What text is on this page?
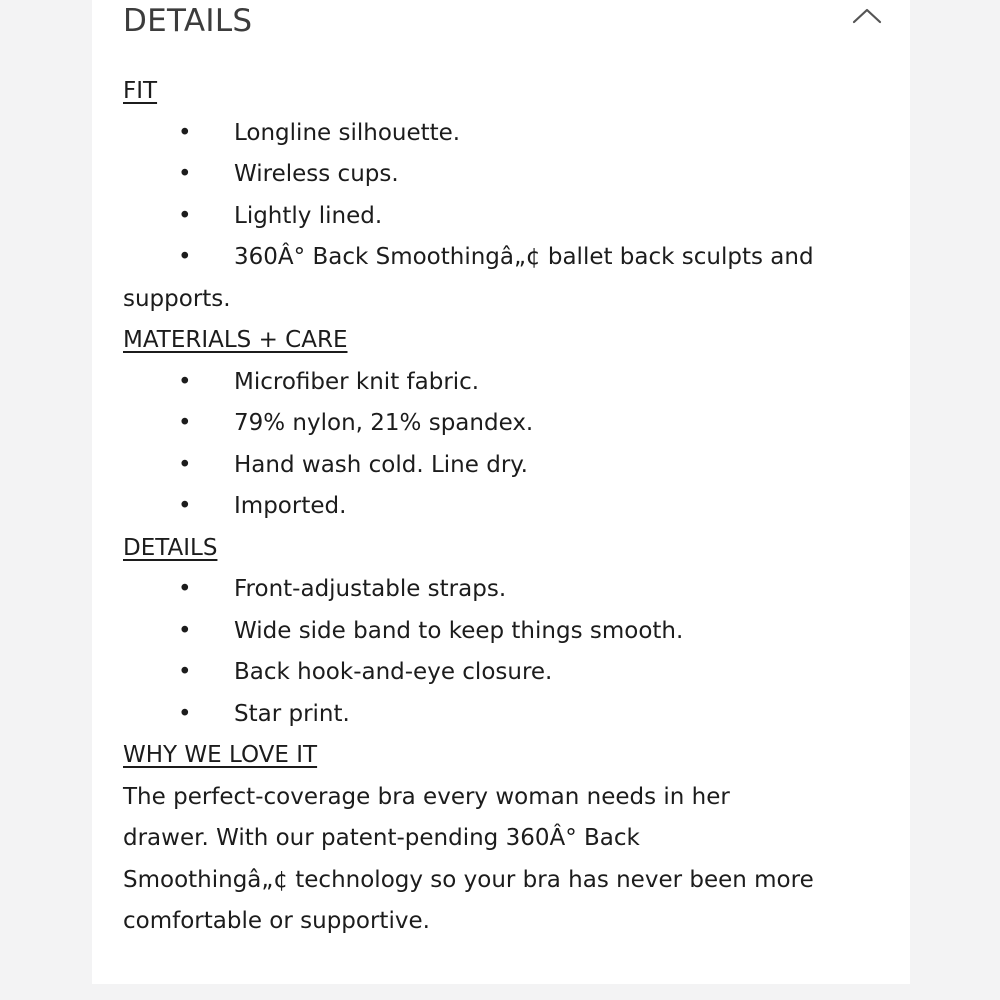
DETAILS
FIT
• Longline silhouette.
• Wireless cups.
• Lightly lined.
• 360Â° Back Smoothingâ„¢ ballet back sculpts and
supports.
MATERIALS + CARE
• Microfiber knit fabric.
• 79% nylon, 21% spandex.
• Hand wash cold. Line dry.
• Imported.
DETAILS
• Front-adjustable straps.
• Wide side band to keep things smooth.
• Back hook-and-eye closure.
• Star print.
WHY WE LOVE IT
The perfect-coverage bra every woman needs in her
drawer. With our patent-pending 360Â° Back
Smoothingâ„¢ technology so your bra has never been more
comfortable or supportive.
